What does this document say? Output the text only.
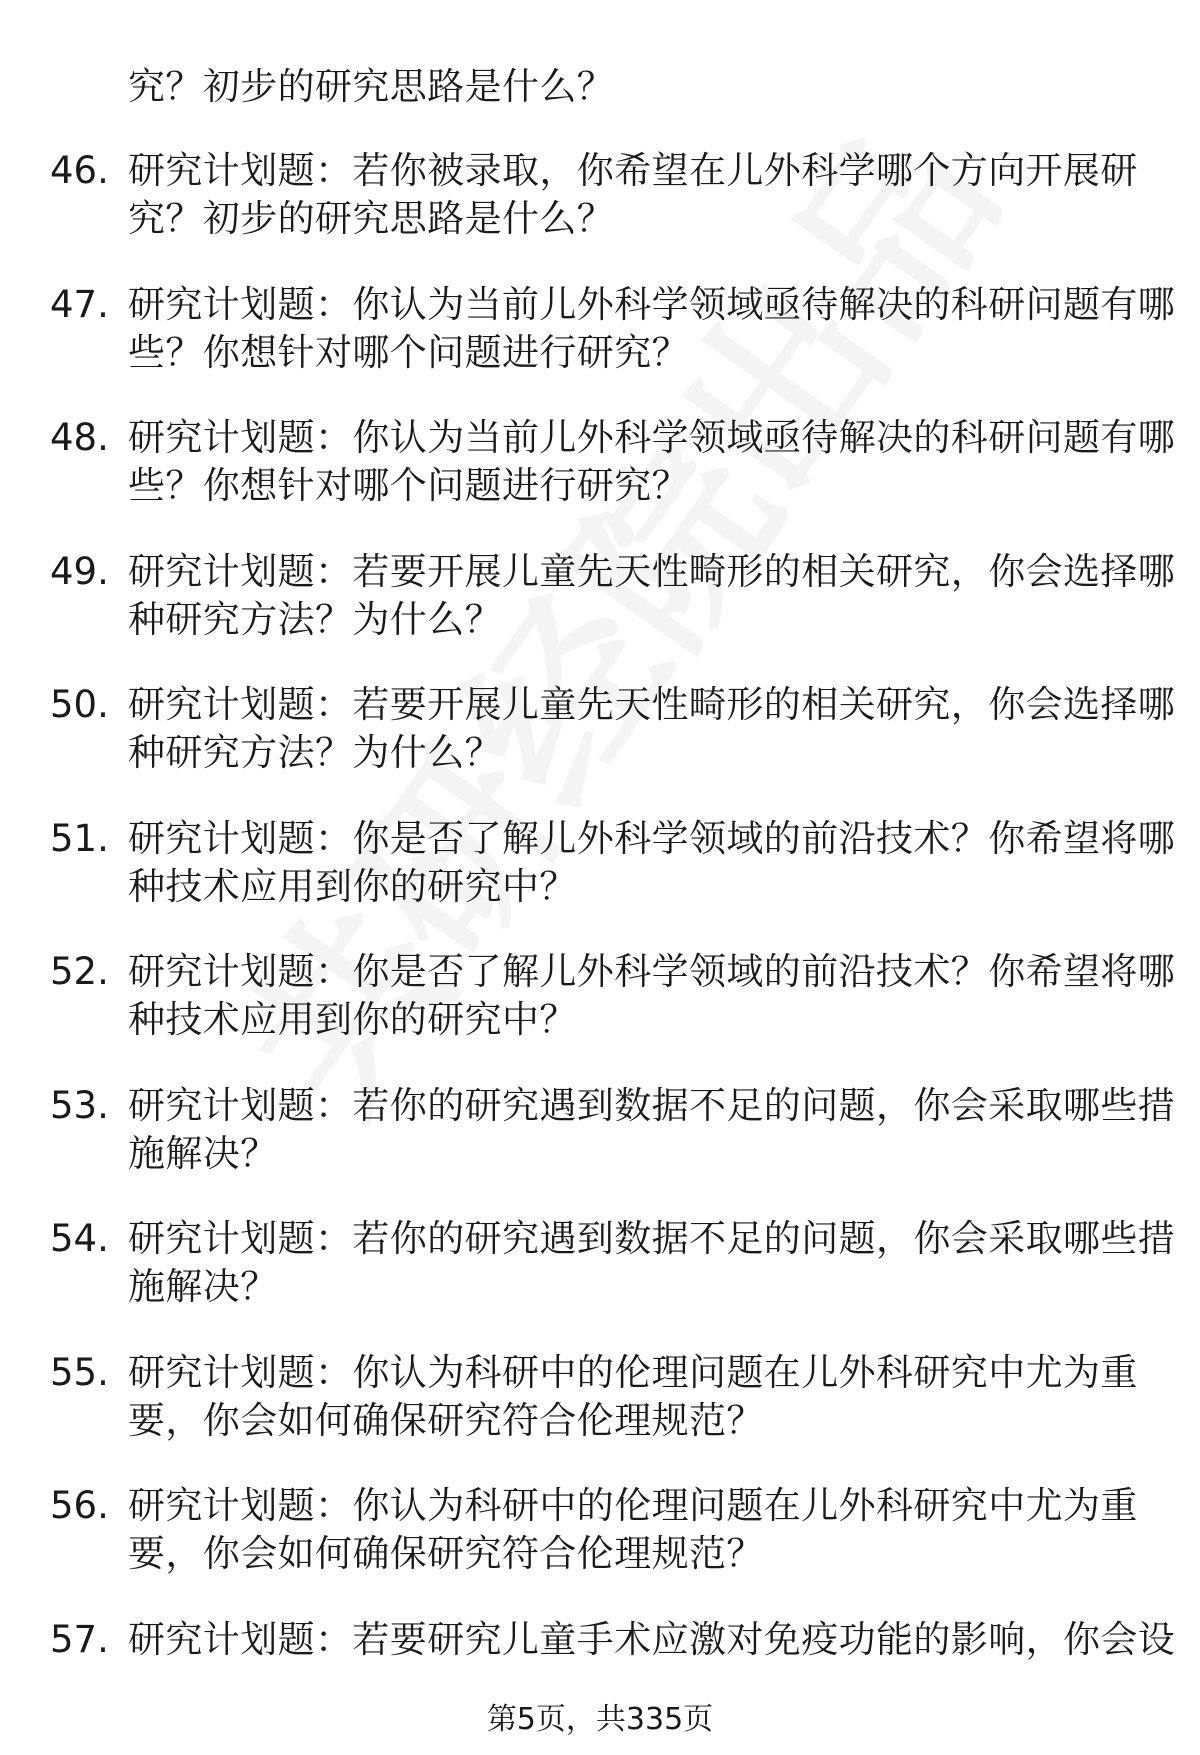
究？初步的研究思路是什么？
46. 研究计划题：若你被录取，你希望在儿外科学哪个方向开展研
究？初步的研究思路是什么？
47. 研究计划题：你认为当前儿外科学领域亟待解决的科研问题有哪
些？你想针对哪个问题进行研究？
48. 研究计划题：你认为当前儿外科学领域亟待解决的科研问题有哪
些？你想针对哪个问题进行研究？
49. 研究计划题：若要开展儿童先天性畸形的相关研究，你会选择哪
种研究方法？为什么？
50. 研究计划题：若要开展儿童先天性畸形的相关研究，你会选择哪
种研究方法？为什么？
51. 研究计划题：你是否了解儿外科学领域的前沿技术？你希望将哪
种技术应用到你的研究中？
52. 研究计划题：你是否了解儿外科学领域的前沿技术？你希望将哪
种技术应用到你的研究中？
53. 研究计划题：若你的研究遇到数据不足的问题，你会采取哪些措
施解决？
54. 研究计划题：若你的研究遇到数据不足的问题，你会采取哪些措
施解决？
55. 研究计划题：你认为科研中的伦理问题在儿外科研究中尤为重
要，你会如何确保研究符合伦理规范？
56. 研究计划题：你认为科研中的伦理问题在儿外科研究中尤为重
要，你会如何确保研究符合伦理规范？
57. 研究计划题：若要研究儿童手术应激对免疫功能的影响，你会设
第5页，共335页
